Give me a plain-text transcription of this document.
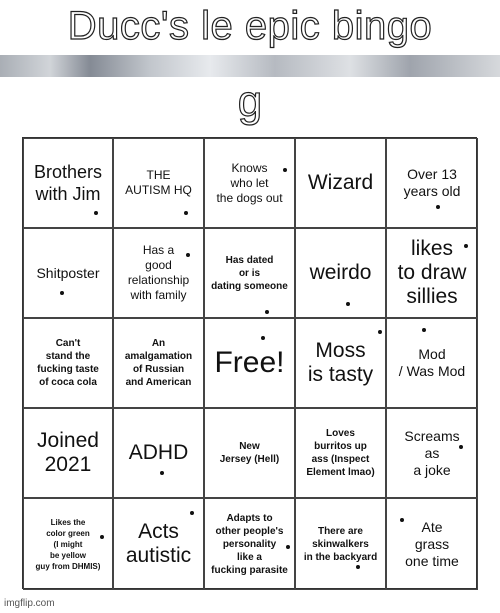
Ducc's le epic bingo
g
Brothers
with Jim
THE
AUTISM HQ
Knows
who let
the dogs out
Wizard Over 13
years old
Shitposter
Has a
good
relationship
with family
Has dated
or is
dating someone
weirdo
likes
to draw
sillies
Can't
stand the
fucking taste
of coca cola
An
amalgamation
of Russian
and American
Free!	Moss
is tasty
Mod
/ Was Mod
Joined
2021
ADHD	New
Jersey (Hell)
Loves
burritos up
ass (Inspect
Element lmao)
Screams
as
a joke
Likes the
color green
(I might
be yellow
guy from DHMIS)
Acts
autistic
Adapts to
other people's
personality
like a
fucking parasite
There are
skinwalkers
in the backyard
Ate
grass
one time
imgflip.com
